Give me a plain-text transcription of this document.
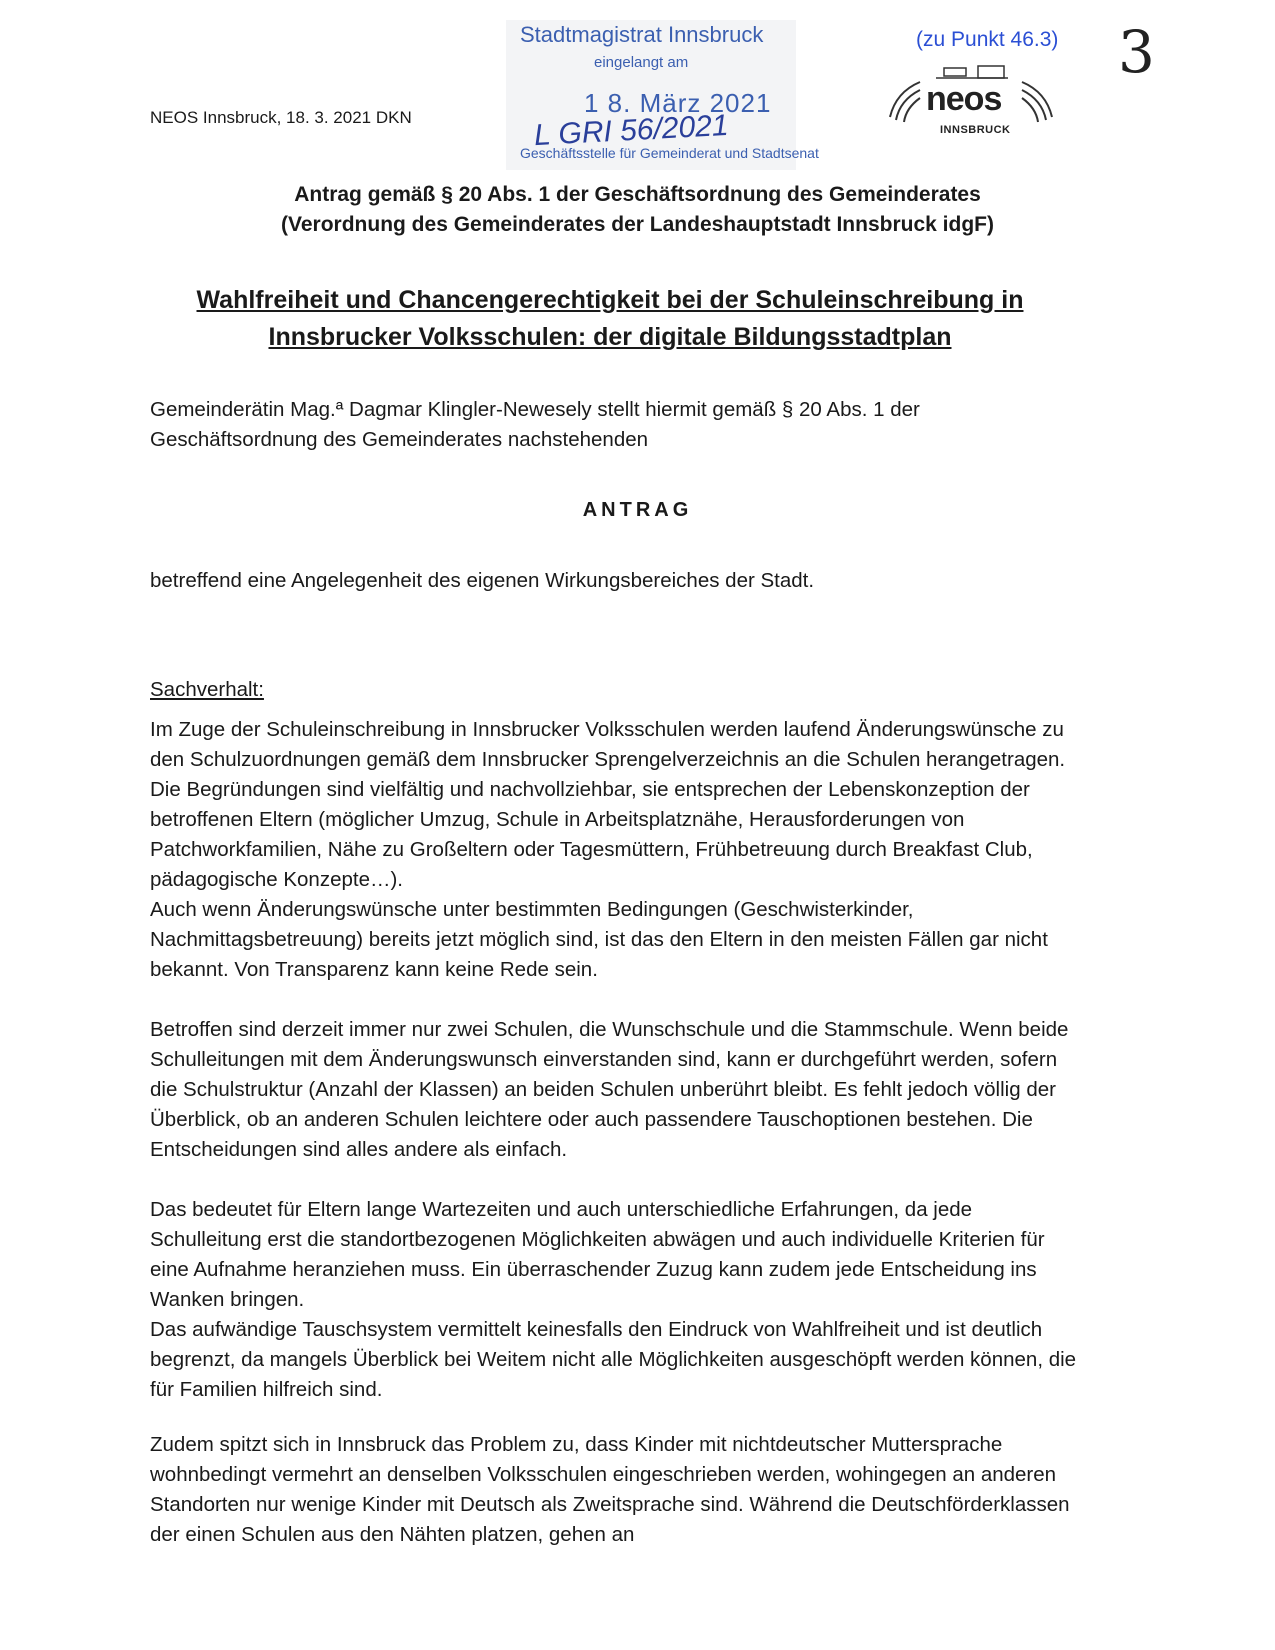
NEOS Innsbruck, 18. 3. 2021 DKN
Stadtmagistrat Innsbruck
eingelangt am
1 8. März 2021
L GRI 56/2021
Geschäftsstelle für Gemeinderat und Stadtsenat
(zu Punkt 46.3) 3
neos
INNSBRUCK
Antrag gemäß § 20 Abs. 1 der Geschäftsordnung des Gemeinderates
(Verordnung des Gemeinderates der Landeshauptstadt Innsbruck idgF)
Wahlfreiheit und Chancengerechtigkeit bei der Schuleinschreibung in Innsbrucker Volksschulen: der digitale Bildungsstadtplan
Gemeinderätin Mag.ª Dagmar Klingler-Newesely stellt hiermit gemäß § 20 Abs. 1 der Geschäftsordnung des Gemeinderates nachstehenden
ANTRAG
betreffend eine Angelegenheit des eigenen Wirkungsbereiches der Stadt.
Sachverhalt:
Im Zuge der Schuleinschreibung in Innsbrucker Volksschulen werden laufend Änderungswünsche zu den Schulzuordnungen gemäß dem Innsbrucker Sprengelverzeichnis an die Schulen herangetragen. Die Begründungen sind vielfältig und nachvollziehbar, sie entsprechen der Lebenskonzeption der betroffenen Eltern (möglicher Umzug, Schule in Arbeitsplatznähe, Herausforderungen von Patchworkfamilien, Nähe zu Großeltern oder Tagesmüttern, Frühbetreuung durch Breakfast Club, pädagogische Konzepte…).
Auch wenn Änderungswünsche unter bestimmten Bedingungen (Geschwisterkinder, Nachmittagsbetreuung) bereits jetzt möglich sind, ist das den Eltern in den meisten Fällen gar nicht bekannt. Von Transparenz kann keine Rede sein.
Betroffen sind derzeit immer nur zwei Schulen, die Wunschschule und die Stammschule. Wenn beide Schulleitungen mit dem Änderungswunsch einverstanden sind, kann er durchgeführt werden, sofern die Schulstruktur (Anzahl der Klassen) an beiden Schulen unberührt bleibt. Es fehlt jedoch völlig der Überblick, ob an anderen Schulen leichtere oder auch passendere Tauschoptionen bestehen. Die Entscheidungen sind alles andere als einfach.
Das bedeutet für Eltern lange Wartezeiten und auch unterschiedliche Erfahrungen, da jede Schulleitung erst die standortbezogenen Möglichkeiten abwägen und auch individuelle Kriterien für eine Aufnahme heranziehen muss. Ein überraschender Zuzug kann zudem jede Entscheidung ins Wanken bringen.
Das aufwändige Tauschsystem vermittelt keinesfalls den Eindruck von Wahlfreiheit und ist deutlich begrenzt, da mangels Überblick bei Weitem nicht alle Möglichkeiten ausgeschöpft werden können, die für Familien hilfreich sind.
Zudem spitzt sich in Innsbruck das Problem zu, dass Kinder mit nichtdeutscher Muttersprache wohnbedingt vermehrt an denselben Volksschulen eingeschrieben werden, wohingegen an anderen Standorten nur wenige Kinder mit Deutsch als Zweitsprache sind. Während die Deutschförderklassen der einen Schulen aus den Nähten platzen, gehen an
